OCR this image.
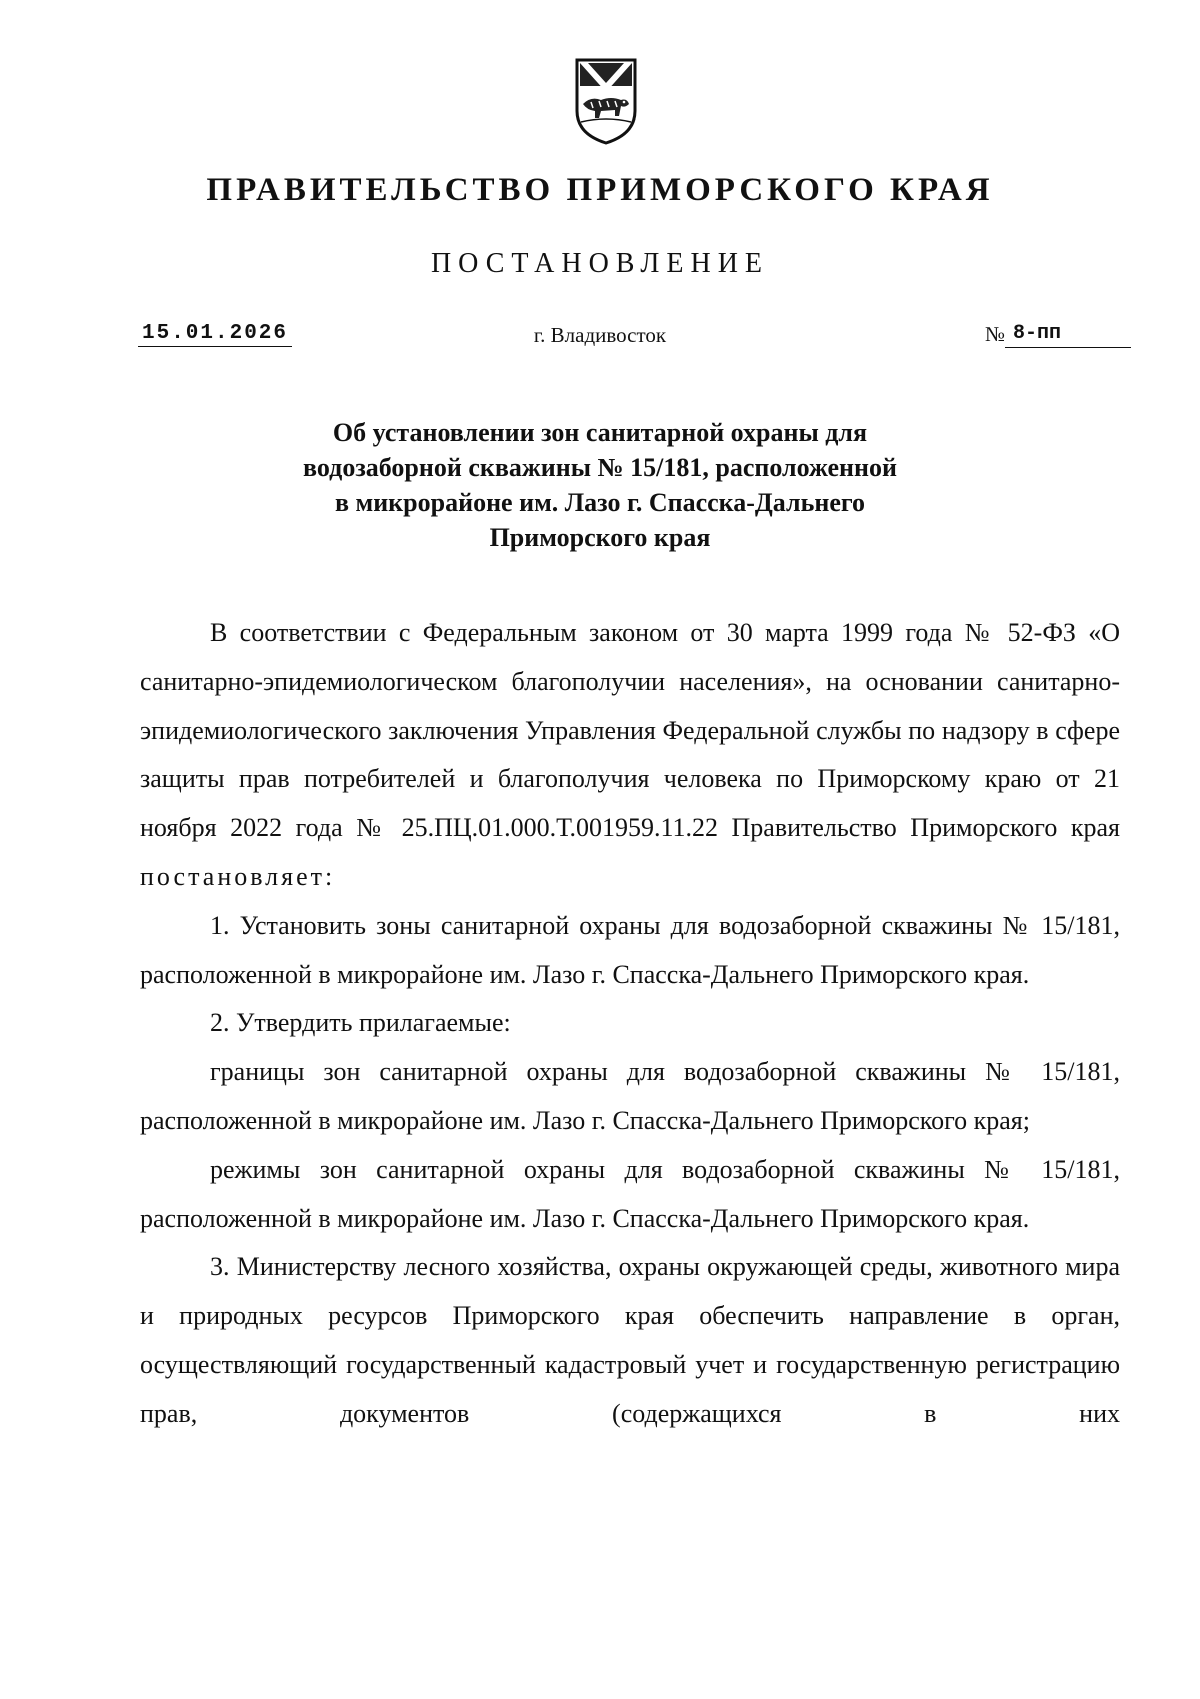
ПРАВИТЕЛЬСТВО ПРИМОРСКОГО КРАЯ
ПОСТАНОВЛЕНИЕ
15.01.2026	г. Владивосток	№ 8-пп
Об установлении зон санитарной охраны для
водозаборной скважины № 15/181, расположенной
в микрорайоне им. Лазо г. Спасска-Дальнего
Приморского края

В соответствии с Федеральным законом от 30 марта 1999 года № 52-ФЗ «О санитарно-эпидемиологическом благополучии населения», на основании санитарно-эпидемиологического заключения Управления Федеральной службы по надзору в сфере защиты прав потребителей и благополучия человека по Приморскому краю от 21 ноября 2022 года № 25.ПЦ.01.000.Т.001959.11.22 Правительство Приморского края постановляет:

1. Установить зоны санитарной охраны для водозаборной скважины № 15/181, расположенной в микрорайоне им. Лазо г. Спасска-Дальнего Приморского края.

2. Утвердить прилагаемые:

границы зон санитарной охраны для водозаборной скважины № 15/181, расположенной в микрорайоне им. Лазо г. Спасска-Дальнего Приморского края;

режимы зон санитарной охраны для водозаборной скважины № 15/181, расположенной в микрорайоне им. Лазо г. Спасска-Дальнего Приморского края.

3. Министерству лесного хозяйства, охраны окружающей среды, животного мира и природных ресурсов Приморского края обеспечить направление в орган, осуществляющий государственный кадастровый учет и государственную регистрацию прав, документов (содержащихся в них
